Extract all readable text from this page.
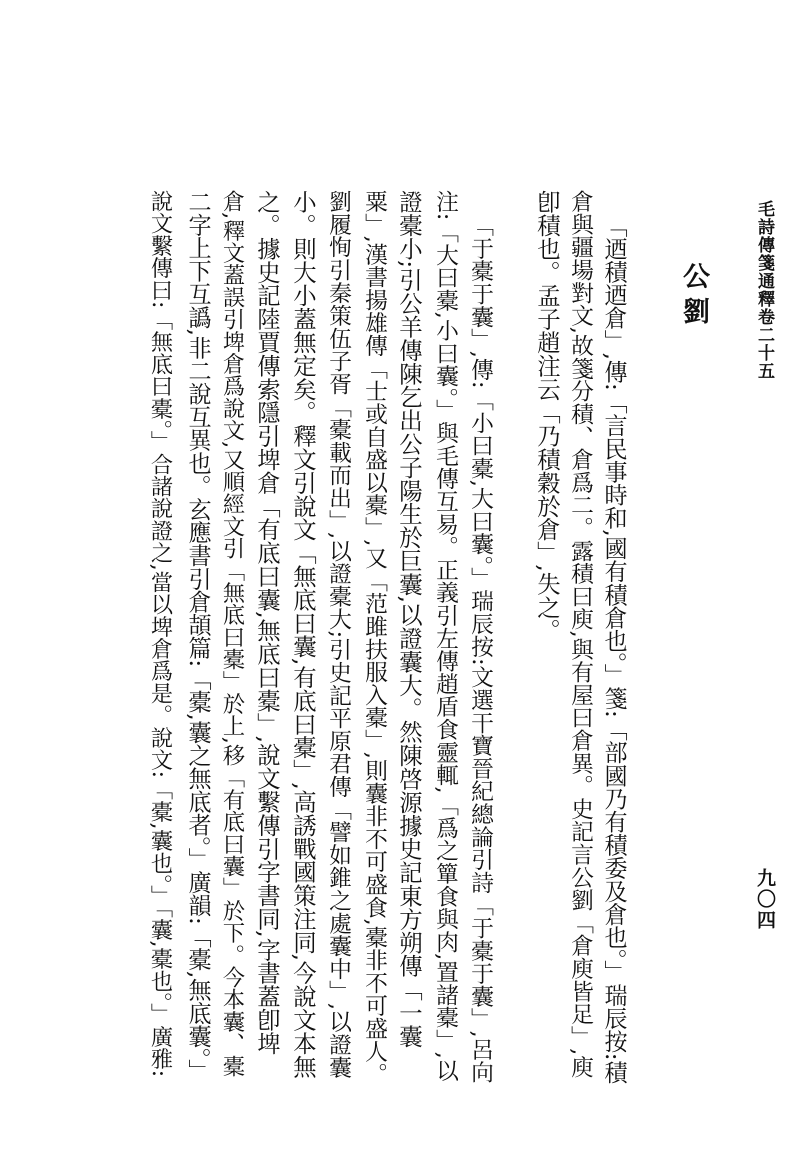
毛詩傳箋通釋卷二十五
公劉
九〇四
「迺積迺倉」,傳:「言民事時和,國有積倉也。」箋:「部國乃有積委及倉也。」瑞辰按:積
倉與疆場對文,故箋分積、倉爲二。露積曰庾,與有屋曰倉異。史記言公劉「倉庾皆足」,庾
卽積也。孟子趙注云「乃積穀於倉」,失之。
「于橐于囊」,傳:「小曰橐,大曰囊。」瑞辰按:文選干寶晉紀總論引詩「于橐于囊」,呂向
注:「大曰橐,小曰囊。」與毛傳互易。正義引左傳趙盾食靈輒,「爲之簞食與肉,置諸橐」,以
證橐小;引公羊傳陳乞出公子陽生於巨囊,以證囊大。然陳啓源據史記東方朔傳「一囊
粟」,漢書揚雄傳「士或自盛以橐」,又「范雎扶服入橐」,則囊非不可盛食,橐非不可盛人。
劉履恂引秦策伍子胥「橐載而出」,以證橐大;引史記平原君傳「譬如錐之處囊中」,以證囊
小。則大小蓋無定矣。釋文引說文「無底曰囊,有底曰橐」,高誘戰國策注同,今說文本無
之。據史記陸賈傳索隱引埤倉「有底曰囊,無底曰橐」,說文繫傳引字書同,字書蓋卽埤
倉,釋文蓋誤引埤倉爲說文,又順經文引「無底曰橐」於上,移「有底曰囊」於下。今本囊、橐
二字上下互譌,非二說互異也。玄應書引倉頡篇:「橐,囊之無底者。」廣韻:「橐,無底囊。」
說文繫傳曰:「無底曰橐。」合諸說證之,當以埤倉爲是。說文:「橐,囊也。」「囊,橐也。」廣雅:
